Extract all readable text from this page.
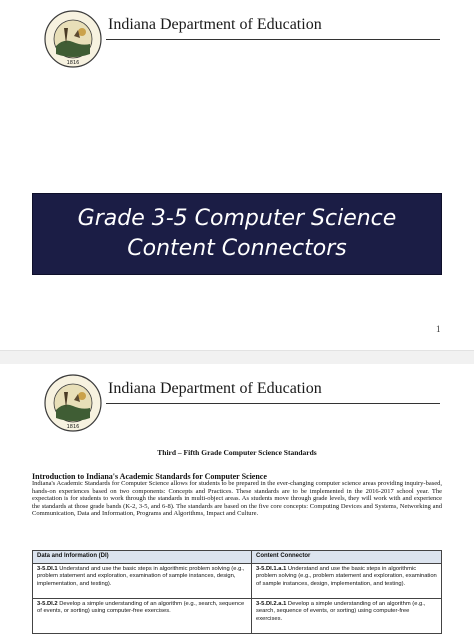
1816
Indiana Department of Education
Grade 3-5 Computer Science
Content Connectors
1
1816
Indiana Department of Education
Third – Fifth Grade Computer Science Standards
Introduction to Indiana's Academic Standards for Computer Science
Indiana's Academic Standards for Computer Science allows for students to be prepared in the ever-changing computer science areas providing inquiry-based, hands-on experiences based on two components: Concepts and Practices. These standards are to be implemented in the 2016-2017 school year. The expectation is for students to work through the standards in multi-object areas. As students move through grade levels, they will work with and experience the standards at those grade bands (K-2, 3-5, and 6-8). The standards are based on the five core concepts: Computing Devices and Systems, Networking and Communication, Data and Information, Programs and Algorithms, Impact and Culture.
Data and Information (DI)	Content Connector
3-5.DI.1 Understand and use the basic steps in algorithmic problem solving (e.g., problem statement and exploration, examination of sample instances, design, implementation, and testing).	3-5.DI.1.a.1 Understand and use the basic steps in algorithmic problem solving (e.g., problem statement and exploration, examination of sample instances, design, implementation, and testing).
3-5.DI.2 Develop a simple understanding of an algorithm (e.g., search, sequence of events, or sorting) using computer-free exercises.	3-5.DI.2.a.1 Develop a simple understanding of an algorithm (e.g., search, sequence of events, or sorting) using computer-free exercises.
